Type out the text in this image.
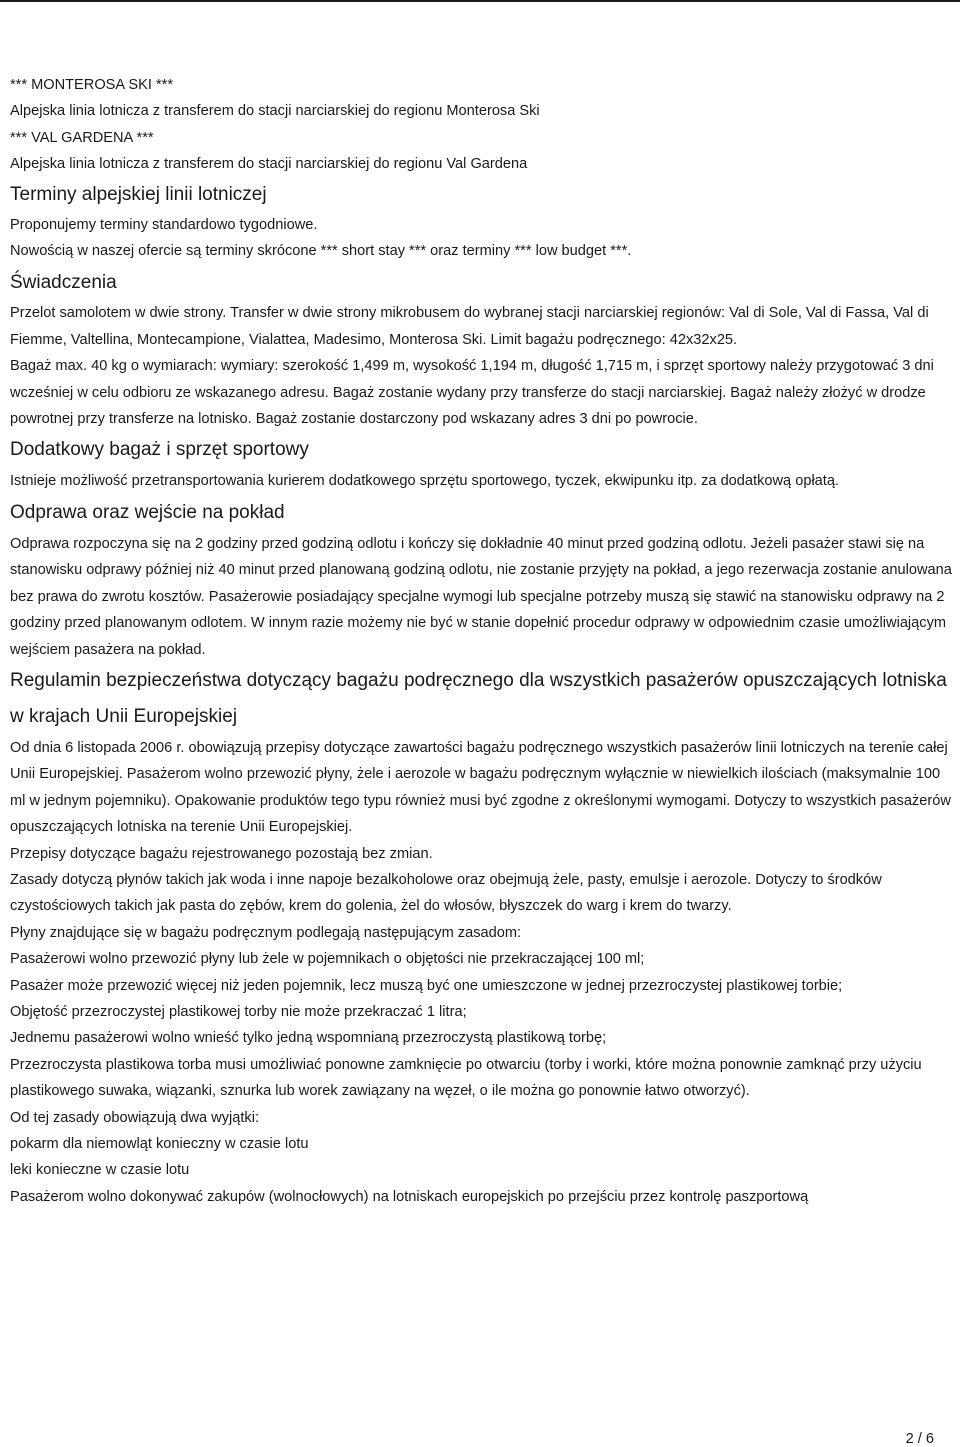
*** MONTEROSA SKI ***

Alpejska linia lotnicza z transferem do stacji narciarskiej do regionu Monterosa Ski

*** VAL GARDENA ***

Alpejska linia lotnicza z transferem do stacji narciarskiej do regionu Val Gardena

Terminy alpejskiej linii lotniczej

Proponujemy terminy standardowo tygodniowe.

Nowością w naszej ofercie są terminy skrócone *** short stay *** oraz terminy *** low budget ***.

Świadczenia

Przelot samolotem w dwie strony. Transfer w dwie strony mikrobusem do wybranej stacji narciarskiej regionów: Val di Sole, Val di Fassa, Val di Fiemme, Valtellina, Montecampione, Vialattea, Madesimo, Monterosa Ski. Limit bagażu podręcznego: 42x32x25.

Bagaż max. 40 kg o wymiarach: wymiary: szerokość 1,499 m, wysokość 1,194 m, długość 1,715 m, i sprzęt sportowy należy przygotować 3 dni wcześniej w celu odbioru ze wskazanego adresu. Bagaż zostanie wydany przy transferze do stacji narciarskiej. Bagaż należy złożyć w drodze powrotnej przy transferze na lotnisko. Bagaż zostanie dostarczony pod wskazany adres 3 dni po powrocie.

Dodatkowy bagaż i sprzęt sportowy

Istnieje możliwość przetransportowania kurierem dodatkowego sprzętu sportowego, tyczek, ekwipunku itp. za dodatkową opłatą.

Odprawa oraz wejście na pokład

Odprawa rozpoczyna się na 2 godziny przed godziną odlotu i kończy się dokładnie 40 minut przed godziną odlotu. Jeżeli pasażer stawi się na stanowisku odprawy później niż 40 minut przed planowaną godziną odlotu, nie zostanie przyjęty na pokład, a jego rezerwacja zostanie anulowana bez prawa do zwrotu kosztów. Pasażerowie posiadający specjalne wymogi lub specjalne potrzeby muszą się stawić na stanowisku odprawy na 2 godziny przed planowanym odlotem. W innym razie możemy nie być w stanie dopełnić procedur odprawy w odpowiednim czasie umożliwiającym wejściem pasażera na pokład.

Regulamin bezpieczeństwa dotyczący bagażu podręcznego dla wszystkich pasażerów opuszczających lotniska w krajach Unii Europejskiej

Od dnia 6 listopada 2006 r. obowiązują przepisy dotyczące zawartości bagażu podręcznego wszystkich pasażerów linii lotniczych na terenie całej Unii Europejskiej. Pasażerom wolno przewozić płyny, żele i aerozole w bagażu podręcznym wyłącznie w niewielkich ilościach (maksymalnie 100 ml w jednym pojemniku). Opakowanie produktów tego typu również musi być zgodne z określonymi wymogami. Dotyczy to wszystkich pasażerów opuszczających lotniska na terenie Unii Europejskiej.

Przepisy dotyczące bagażu rejestrowanego pozostają bez zmian.

Zasady dotyczą płynów takich jak woda i inne napoje bezalkoholowe oraz obejmują żele, pasty, emulsje i aerozole. Dotyczy to środków czystościowych takich jak pasta do zębów, krem do golenia, żel do włosów, błyszczek do warg i krem do twarzy.

Płyny znajdujące się w bagażu podręcznym podlegają następującym zasadom:

Pasażerowi wolno przewozić płyny lub żele w pojemnikach o objętości nie przekraczającej 100 ml;

Pasażer może przewozić więcej niż jeden pojemnik, lecz muszą być one umieszczone w jednej przezroczystej plastikowej torbie;

Objętość przezroczystej plastikowej torby nie może przekraczać 1 litra;

Jednemu pasażerowi wolno wnieść tylko jedną wspomnianą przezroczystą plastikową torbę;

Przezroczysta plastikowa torba musi umożliwiać ponowne zamknięcie po otwarciu (torby i worki, które można ponownie zamknąć przy użyciu plastikowego suwaka, wiązanki, sznurka lub worek zawiązany na węzeł, o ile można go ponownie łatwo otworzyć).

Od tej zasady obowiązują dwa wyjątki:

pokarm dla niemowląt konieczny w czasie lotu

leki konieczne w czasie lotu

Pasażerom wolno dokonywać zakupów (wolnocłowych) na lotniskach europejskich po przejściu przez kontrolę paszportową

2 / 6
